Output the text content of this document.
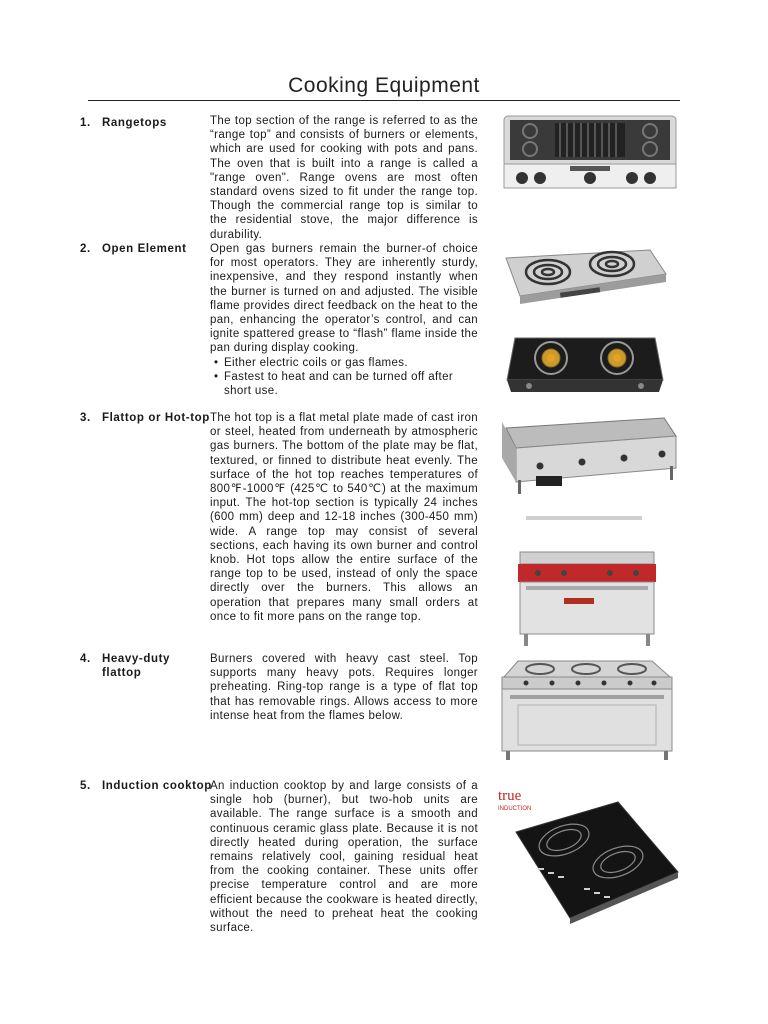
Cooking Equipment
1. Rangetops	The top section of the range is referred to as the “range top” and consists of burners or elements, which are used for cooking with pots and pans. The oven that is built into a range is called a "range oven". Range ovens are most often standard ovens sized to fit under the range top. Though the commercial range top is similar to the residential stove, the major difference is durability.

2. Open Element	Open gas burners remain the burner-of choice for most operators. They are inherently sturdy, inexpensive, and they respond instantly when the burner is turned on and adjusted. The visible flame provides direct feedback on the heat to the pan, enhancing the operator’s control, and can ignite spattered grease to “flash” flame inside the pan during display cooking.

• Either electric coils or gas flames.
• Fastest to heat and can be turned off after short use.
3. Flattop or Hot-top The hot top is a flat metal plate made of cast iron or steel, heated from underneath by atmospheric gas burners. The bottom of the plate may be flat, textured, or finned to distribute heat evenly. The surface of the hot top reaches temperatures of 800℉-1000℉ (425℃ to 540℃) at the maximum input. The hot-top section is typically 24 inches (600 mm) deep and 12-18 inches (300-450 mm) wide. A range top may consist of several sections, each having its own burner and control knob. Hot tops allow the entire surface of the range top to be used, instead of only the space directly over the burners. This allows an operation that prepares many small orders at once to fit more pans on the range top.

4. Heavy-duty flattop

Burners covered with heavy cast steel. Top supports many heavy pots. Requires longer preheating. Ring-top range is a type of flat top that has removable rings. Allows access to more intense heat from the flames below.

5. Induction cooktop

An induction cooktop by and large consists of a single hob (burner), but two-hob units are available. The range surface is a smooth and continuous ceramic glass plate. Because it is not directly heated during operation, the surface remains relatively cool, gaining residual heat from the cooking container. These units offer precise temperature control and are more efficient because the cookware is heated directly, without the need to preheat heat the cooking surface.

true
INDUCTION
